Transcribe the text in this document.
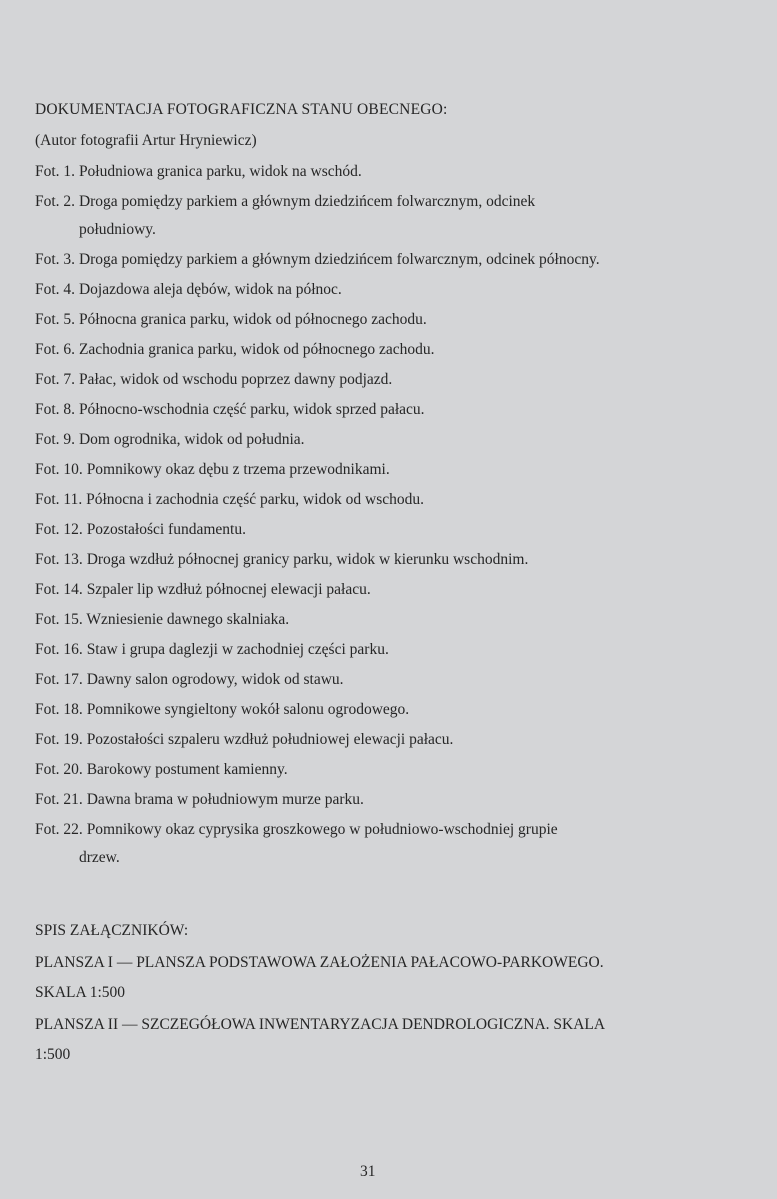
DOKUMENTACJA FOTOGRAFICZNA STANU OBECNEGO:
(Autor fotografii Artur Hryniewicz)
Fot. 1. Południowa granica parku, widok na wschód.
Fot. 2. Droga pomiędzy parkiem a głównym dziedzińcem folwarcznym, odcinek
południowy.
Fot. 3. Droga pomiędzy parkiem a głównym dziedzińcem folwarcznym, odcinek północny.
Fot. 4. Dojazdowa aleja dębów, widok na północ.
Fot. 5. Północna granica parku, widok od północnego zachodu.
Fot. 6. Zachodnia granica parku, widok od północnego zachodu.
Fot. 7. Pałac, widok od wschodu poprzez dawny podjazd.
Fot. 8. Północno-wschodnia część parku, widok sprzed pałacu.
Fot. 9. Dom ogrodnika, widok od południa.
Fot. 10. Pomnikowy okaz dębu z trzema przewodnikami.
Fot. 11. Północna i zachodnia część parku, widok od wschodu.
Fot. 12. Pozostałości fundamentu.
Fot. 13. Droga wzdłuż północnej granicy parku, widok w kierunku wschodnim.
Fot. 14. Szpaler lip wzdłuż północnej elewacji pałacu.
Fot. 15. Wzniesienie dawnego skalniaka.
Fot. 16. Staw i grupa daglezji w zachodniej części parku.
Fot. 17. Dawny salon ogrodowy, widok od stawu.
Fot. 18. Pomnikowe syngieltony wokół salonu ogrodowego.
Fot. 19. Pozostałości szpaleru wzdłuż południowej elewacji pałacu.
Fot. 20. Barokowy postument kamienny.
Fot. 21. Dawna brama w południowym murze parku.
Fot. 22. Pomnikowy okaz cyprysika groszkowego w południowo-wschodniej grupie
drzew.
SPIS ZAŁĄCZNIKÓW:
PLANSZA I — PLANSZA PODSTAWOWA ZAŁOŻENIA PAŁACOWO-PARKOWEGO.
SKALA 1:500
PLANSZA II — SZCZEGÓŁOWA INWENTARYZACJA DENDROLOGICZNA. SKALA
1:500
31
